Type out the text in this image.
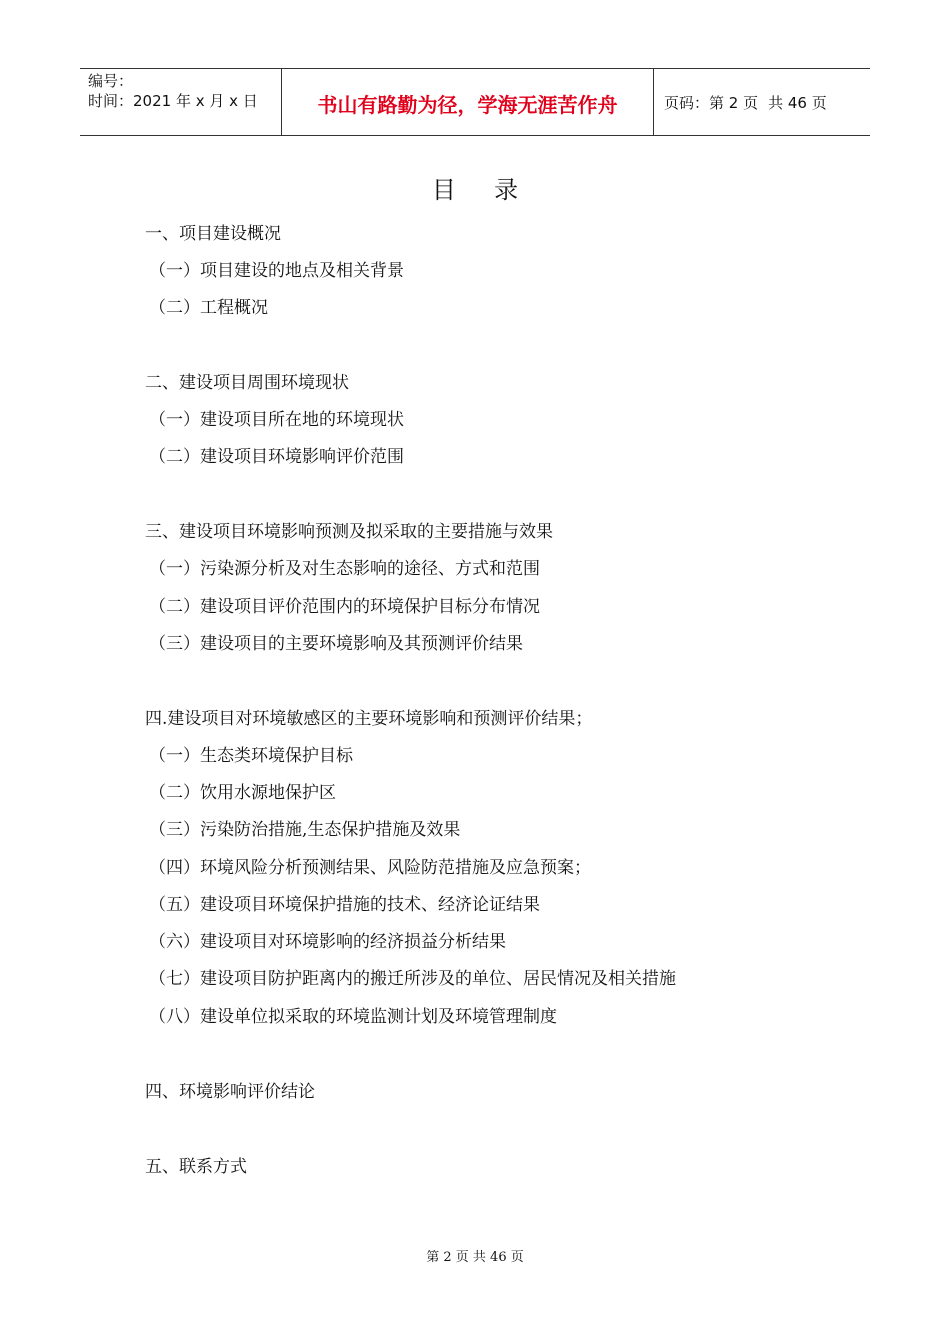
编号：
时间：2021 年 x 月 x 日	书山有路勤为径，学海无涯苦作舟	页码：第 2 页 共 46 页
目     录
一、项目建设概况
（一）项目建设的地点及相关背景
（二）工程概况
二、建设项目周围环境现状
（一）建设项目所在地的环境现状
（二）建设项目环境影响评价范围
三、建设项目环境影响预测及拟采取的主要措施与效果
（一）污染源分析及对生态影响的途径、方式和范围
（二）建设项目评价范围内的环境保护目标分布情况
（三）建设项目的主要环境影响及其预测评价结果
四.建设项目对环境敏感区的主要环境影响和预测评价结果；
（一）生态类环境保护目标
（二）饮用水源地保护区
（三）污染防治措施,生态保护措施及效果
（四）环境风险分析预测结果、风险防范措施及应急预案；
（五）建设项目环境保护措施的技术、经济论证结果
（六）建设项目对环境影响的经济损益分析结果
（七）建设项目防护距离内的搬迁所涉及的单位、居民情况及相关措施
（八）建设单位拟采取的环境监测计划及环境管理制度
四、环境影响评价结论
五、联系方式
第 2 页 共 46 页
